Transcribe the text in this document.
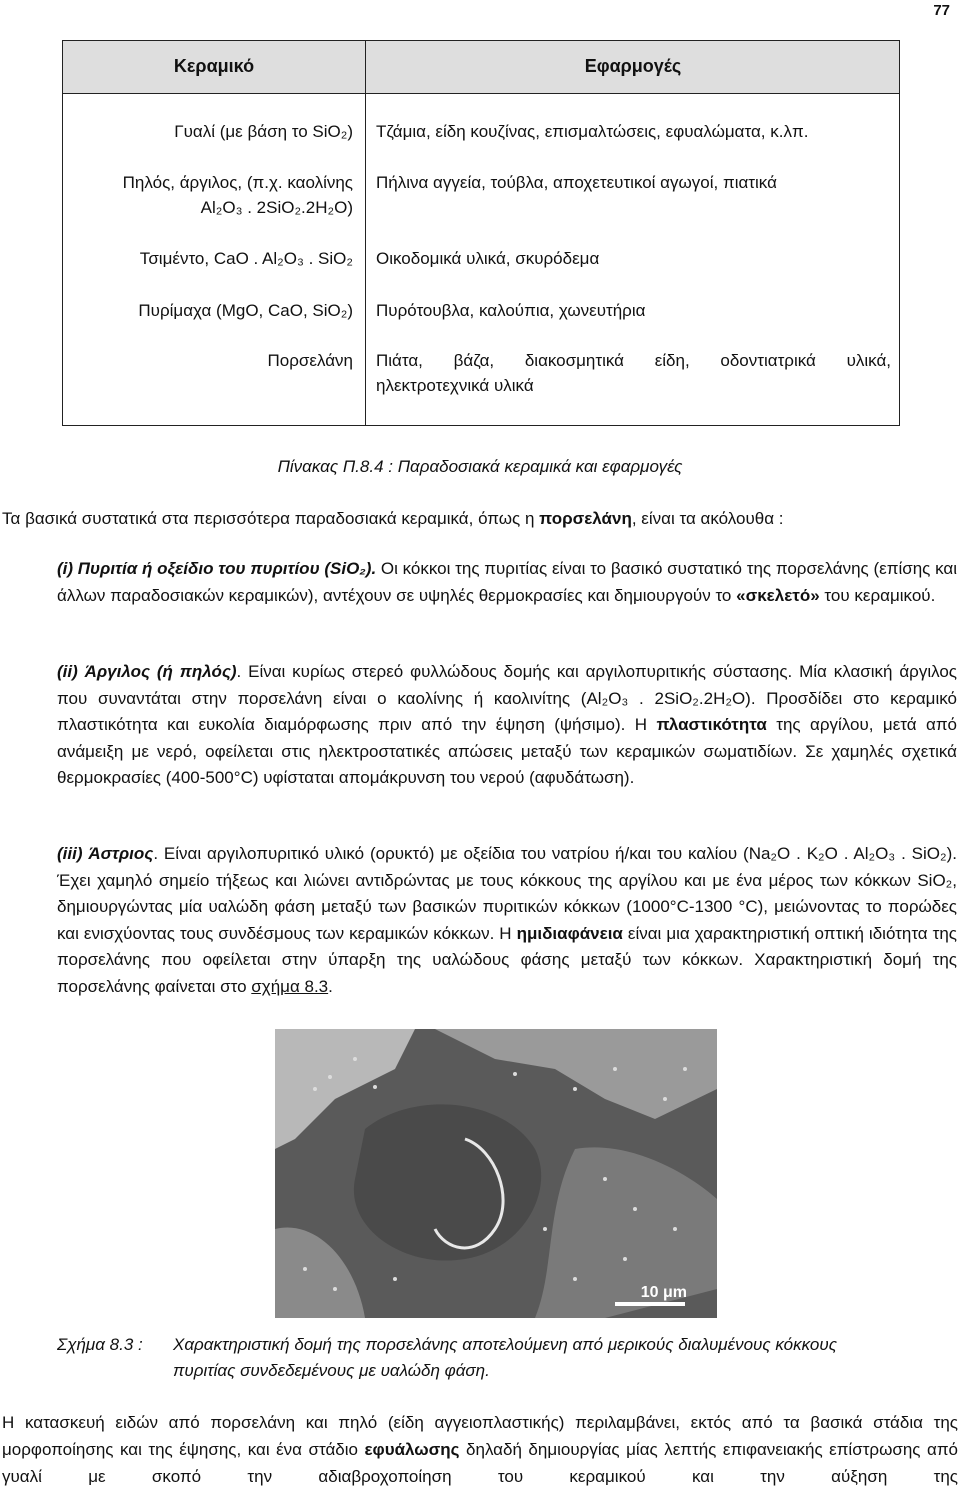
77
Κεραμικό	Εφαρμογές
Γυαλί (με βάση το SiO₂) Τζάμια, είδη κουζίνας, επισμαλτώσεις, εφυαλώματα, κ.λπ.
Πηλός, άργιλος, (π.χ. καολίνης
Al₂O₃ . 2SiO₂.2H₂O)
Πήλινα αγγεία, τούβλα, αποχετευτικοί αγωγοί, πιατικά
Τσιμέντο, CaO . Al₂O₃ . SiO₂ Οικοδομικά υλικά, σκυρόδεμα
Πυρίμαχα (MgO, CaO, SiO₂) Πυρότουβλα, καλούπια, χωνευτήρια
Πορσελάνη Πιάτα, βάζα, διακοσμητικά είδη, οδοντιατρικά υλικά,
ηλεκτροτεχνικά υλικά
Πίνακας Π.8.4 : Παραδοσιακά κεραμικά και εφαρμογές
Τα βασικά συστατικά στα περισσότερα παραδοσιακά κεραμικά, όπως η πορσελάνη, είναι τα ακόλουθα :

(i) Πυριτία ή οξείδιο του πυριτίου (SiO₂). Οι κόκκοι της πυριτίας είναι το βασικό συστατικό της πορσελάνης (επίσης και άλλων παραδοσιακών κεραμικών), αντέχουν σε υψηλές θερμοκρασίες και δημιουργούν το «σκελετό» του κεραμικού.

(ii) Άργιλος (ή πηλός). Είναι κυρίως στερεό φυλλώδους δομής και αργιλοπυριτικής σύστασης. Μία κλασική άργιλος που συναντάται στην πορσελάνη είναι ο καολίνης ή καολινίτης (Al₂O₃ . 2SiO₂.2H₂O). Προσδίδει στο κεραμικό πλαστικότητα και ευκολία διαμόρφωσης πριν από την έψηση (ψήσιμο). Η πλαστικότητα της αργίλου, μετά από ανάμειξη με νερό, οφείλεται στις ηλεκτροστατικές απώσεις μεταξύ των κεραμικών σωματιδίων. Σε χαμηλές σχετικά θερμοκρασίες (400-500°C) υφίσταται απομάκρυνση του νερού (αφυδάτωση).

(iii) Άστριος. Είναι αργιλοπυριτικό υλικό (ορυκτό) με οξείδια του νατρίου ή/και του καλίου (Na₂O . K₂O . Al₂O₃ . SiO₂). Έχει χαμηλό σημείο τήξεως και λιώνει αντιδρώντας με τους κόκκους της αργίλου και με ένα μέρος των κόκκων SiO₂, δημιουργώντας μία υαλώδη φάση μεταξύ των βασικών πυριτικών κόκκων (1000°C-1300 °C), μειώνοντας το πορώδες και ενισχύοντας τους συνδέσμους των κεραμικών κόκκων. Η ημιδιαφάνεια είναι μια χαρακτηριστική οπτική ιδιότητα της πορσελάνης που οφείλεται στην ύπαρξη της υαλώδους φάσης μεταξύ των κόκκων. Χαρακτηριστική δομή της πορσελάνης φαίνεται στο σχήμα 8.3.

10 μm
Σχήμα 8.3 : Χαρακτηριστική δομή της πορσελάνης αποτελούμενη από μερικούς διαλυμένους κόκκους
πυριτίας συνδεδεμένους με υαλώδη φάση.
Η κατασκευή ειδών από πορσελάνη και πηλό (είδη αγγειοπλαστικής) περιλαμβάνει, εκτός από τα βασικά στάδια της μορφοποίησης και της έψησης, και ένα στάδιο εφυάλωσης δηλαδή δημιουργίας μίας λεπτής επιφανειακής επίστρωσης από γυαλί με σκοπό την αδιαβροχοποίηση του κεραμικού και την αύξηση της
